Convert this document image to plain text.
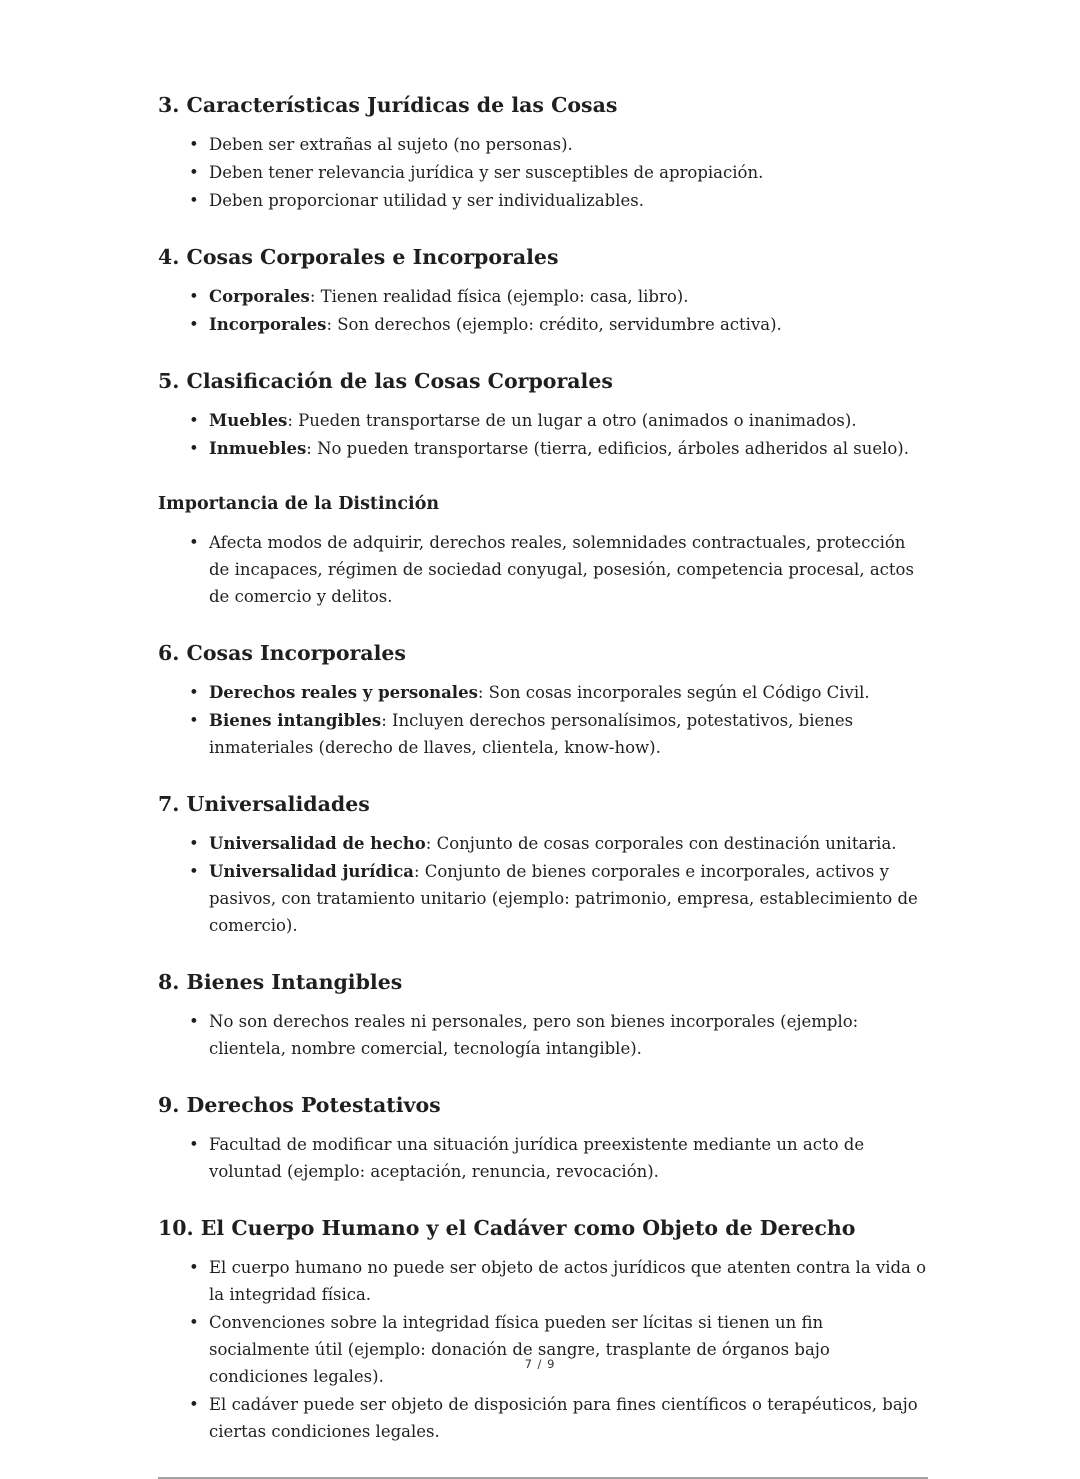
3. Características Jurídicas de las Cosas
• Deben ser extrañas al sujeto (no personas).
• Deben tener relevancia jurídica y ser susceptibles de apropiación.
• Deben proporcionar utilidad y ser individualizables.
4. Cosas Corporales e Incorporales
• Corporales: Tienen realidad física (ejemplo: casa, libro).
• Incorporales: Son derechos (ejemplo: crédito, servidumbre activa).
5. Clasificación de las Cosas Corporales
• Muebles: Pueden transportarse de un lugar a otro (animados o inanimados).
• Inmuebles: No pueden transportarse (tierra, edificios, árboles adheridos al suelo).
Importancia de la Distinción
• Afecta modos de adquirir, derechos reales, solemnidades contractuales, protección de incapaces, régimen de sociedad conyugal, posesión, competencia procesal, actos de comercio y delitos.
6. Cosas Incorporales
• Derechos reales y personales: Son cosas incorporales según el Código Civil.
• Bienes intangibles: Incluyen derechos personalísimos, potestativos, bienes inmateriales (derecho de llaves, clientela, know-how).
7. Universalidades
• Universalidad de hecho: Conjunto de cosas corporales con destinación unitaria.
• Universalidad jurídica: Conjunto de bienes corporales e incorporales, activos y pasivos, con tratamiento unitario (ejemplo: patrimonio, empresa, establecimiento de comercio).
8. Bienes Intangibles
• No son derechos reales ni personales, pero son bienes incorporales (ejemplo: clientela, nombre comercial, tecnología intangible).
9. Derechos Potestativos
• Facultad de modificar una situación jurídica preexistente mediante un acto de voluntad (ejemplo: aceptación, renuncia, revocación).
10. El Cuerpo Humano y el Cadáver como Objeto de Derecho
• El cuerpo humano no puede ser objeto de actos jurídicos que atenten contra la vida o la integridad física.
• Convenciones sobre la integridad física pueden ser lícitas si tienen un fin socialmente útil (ejemplo: donación de sangre, trasplante de órganos bajo condiciones legales).
• El cadáver puede ser objeto de disposición para fines científicos o terapéuticos, bajo ciertas condiciones legales.
7 / 9
